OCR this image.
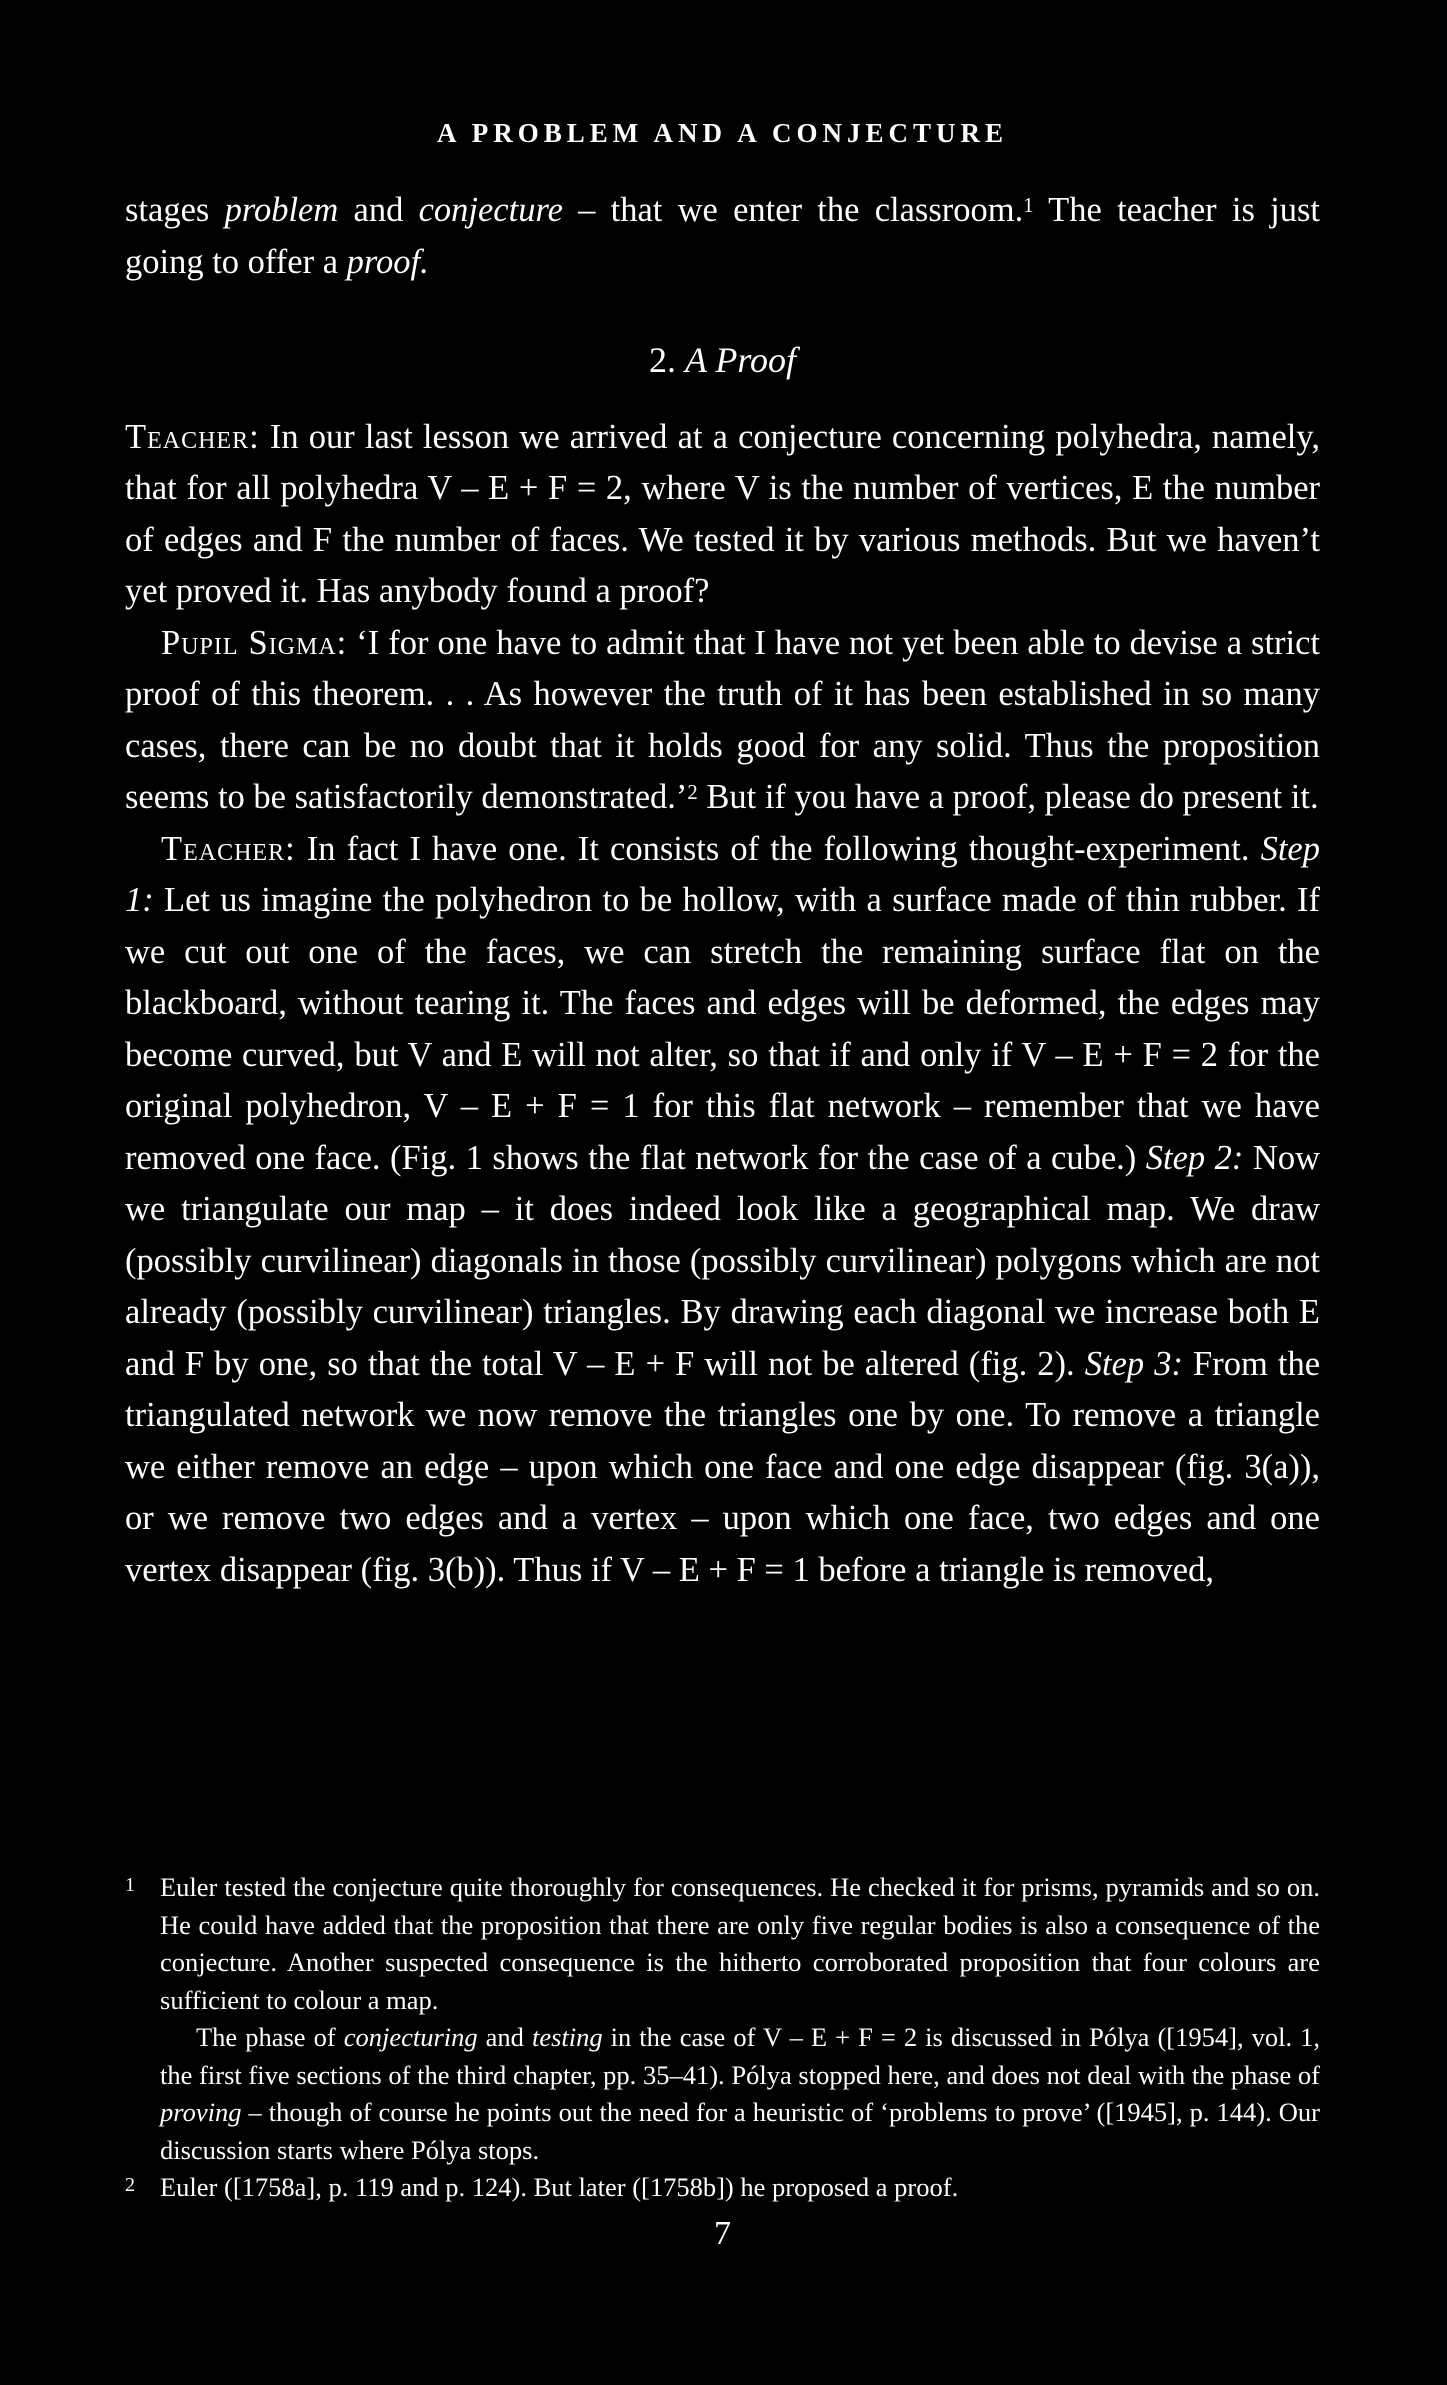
A PROBLEM AND A CONJECTURE

stages problem and conjecture – that we enter the classroom.$^1$ The teacher is just going to offer a proof.

2. A Proof

Teacher: In our last lesson we arrived at a conjecture concerning polyhedra, namely, that for all polyhedra V – E + F = 2, where V is the number of vertices, E the number of edges and F the number of faces. We tested it by various methods. But we haven’t yet proved it. Has anybody found a proof?

Pupil Sigma: ‘I for one have to admit that I have not yet been able to devise a strict proof of this theorem. . . As however the truth of it has been established in so many cases, there can be no doubt that it holds good for any solid. Thus the proposition seems to be satisfactorily demonstrated.’$^2$ But if you have a proof, please do present it.

Teacher: In fact I have one. It consists of the following thought-experiment. Step 1: Let us imagine the polyhedron to be hollow, with a surface made of thin rubber. If we cut out one of the faces, we can stretch the remaining surface flat on the blackboard, without tearing it. The faces and edges will be deformed, the edges may become curved, but V and E will not alter, so that if and only if V – E + F = 2 for the original polyhedron, V – E + F = 1 for this flat network – remember that we have removed one face. (Fig. 1 shows the flat network for the case of a cube.) Step 2: Now we triangulate our map – it does indeed look like a geographical map. We draw (possibly curvilinear) diagonals in those (possibly curvilinear) polygons which are not already (possibly curvilinear) triangles. By drawing each diagonal we increase both E and F by one, so that the total V – E + F will not be altered (fig. 2). Step 3: From the triangulated network we now remove the triangles one by one. To remove a triangle we either remove an edge – upon which one face and one edge disappear (fig. 3(a)), or we remove two edges and a vertex – upon which one face, two edges and one vertex disappear (fig. 3(b)). Thus if V – E + F = 1 before a triangle is removed,

1 Euler tested the conjecture quite thoroughly for consequences. He checked it for prisms, pyramids and so on. He could have added that the proposition that there are only five regular bodies is also a consequence of the conjecture. Another suspected consequence is the hitherto corroborated proposition that four colours are sufficient to colour a map.

The phase of conjecturing and testing in the case of V – E + F = 2 is discussed in Pólya ([1954], vol. 1, the first five sections of the third chapter, pp. 35–41). Pólya stopped here, and does not deal with the phase of proving – though of course he points out the need for a heuristic of ‘problems to prove’ ([1945], p. 144). Our discussion starts where Pólya stops.

2 Euler ([1758a], p. 119 and p. 124). But later ([1758b]) he proposed a proof.

7
